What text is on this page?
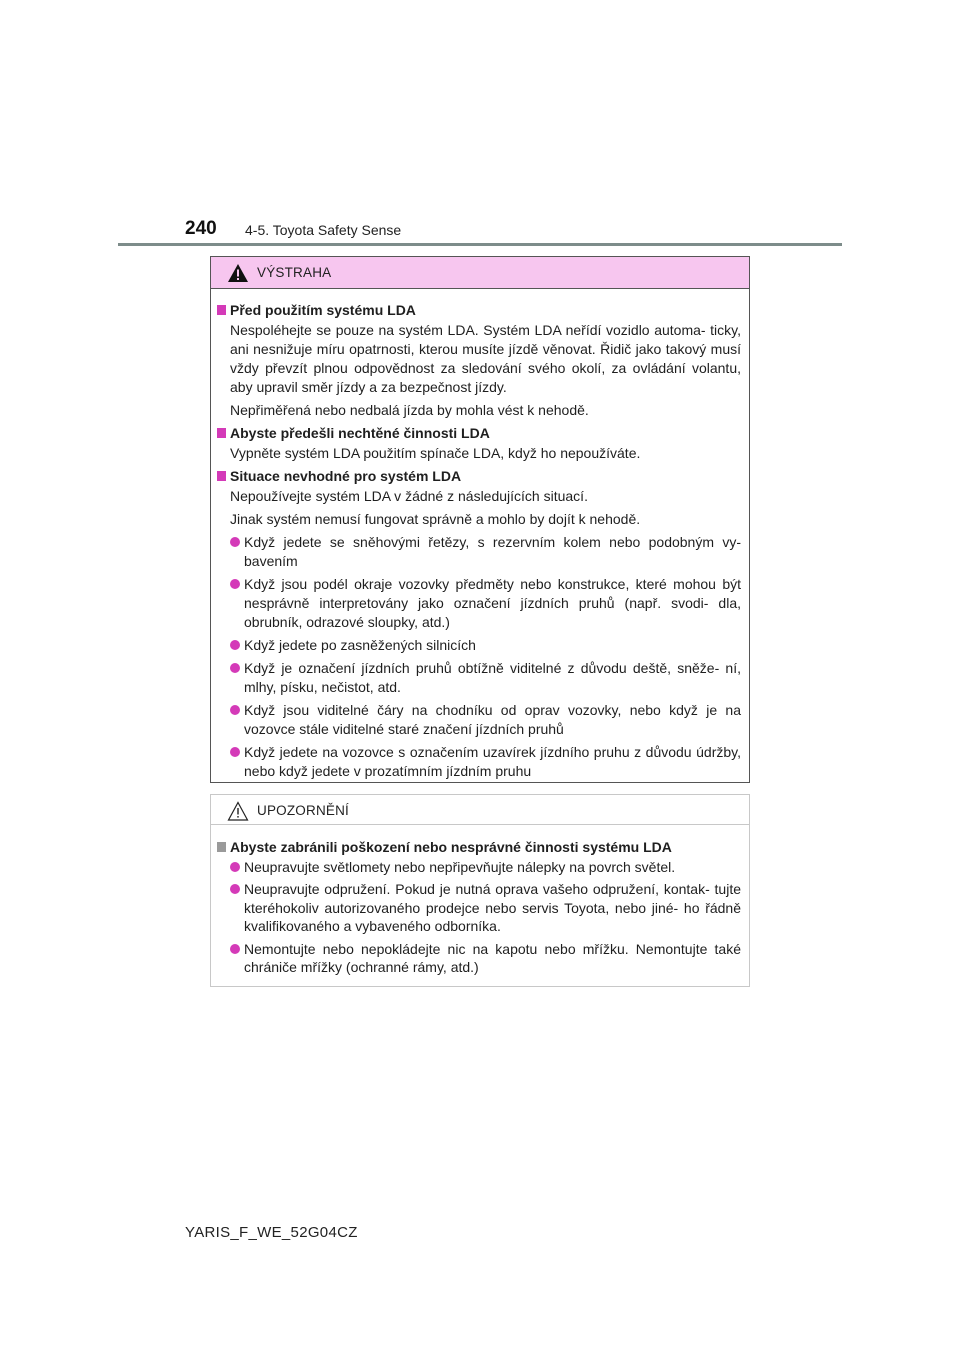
240 4-5. Toyota Safety Sense
VÝSTRAHA
Před použitím systému LDA
Nespoléhejte se pouze na systém LDA. Systém LDA neřídí vozidlo automa- ticky, ani nesnižuje míru opatrnosti, kterou musíte jízdě věnovat. Řidič jako takový musí vždy převzít plnou odpovědnost za sledování svého okolí, za ovládání volantu, aby upravil směr jízdy a za bezpečnost jízdy.
Nepřiměřená nebo nedbalá jízda by mohla vést k nehodě.
Abyste předešli nechtěné činnosti LDA
Vypněte systém LDA použitím spínače LDA, když ho nepoužíváte.
Situace nevhodné pro systém LDA
Nepoužívejte systém LDA v žádné z následujících situací.
Jinak systém nemusí fungovat správně a mohlo by dojít k nehodě.
Když jedete se sněhovými řetězy, s rezervním kolem nebo podobným vy- bavením
Když jsou podél okraje vozovky předměty nebo konstrukce, které mohou být nesprávně interpretovány jako označení jízdních pruhů (např. svodi- dla, obrubník, odrazové sloupky, atd.)
Když jedete po zasněžených silnicích
Když je označení jízdních pruhů obtížně viditelné z důvodu deště, sněže- ní, mlhy, písku, nečistot, atd.
Když jsou viditelné čáry na chodníku od oprav vozovky, nebo když je na vozovce stále viditelné staré značení jízdních pruhů
Když jedete na vozovce s označením uzavírek jízdního pruhu z důvodu údržby, nebo když jedete v prozatímním jízdním pruhu
UPOZORNĚNÍ
Abyste zabránili poškození nebo nesprávné činnosti systému LDA
Neupravujte světlomety nebo nepřipevňujte nálepky na povrch světel.
Neupravujte odpružení. Pokud je nutná oprava vašeho odpružení, kontak- tujte kteréhokoliv autorizovaného prodejce nebo servis Toyota, nebo jiné- ho řádně kvalifikovaného a vybaveného odborníka.
Nemontujte nebo nepokládejte nic na kapotu nebo mřížku. Nemontujte také chrániče mřížky (ochranné rámy, atd.)
YARIS_F_WE_52G04CZ
